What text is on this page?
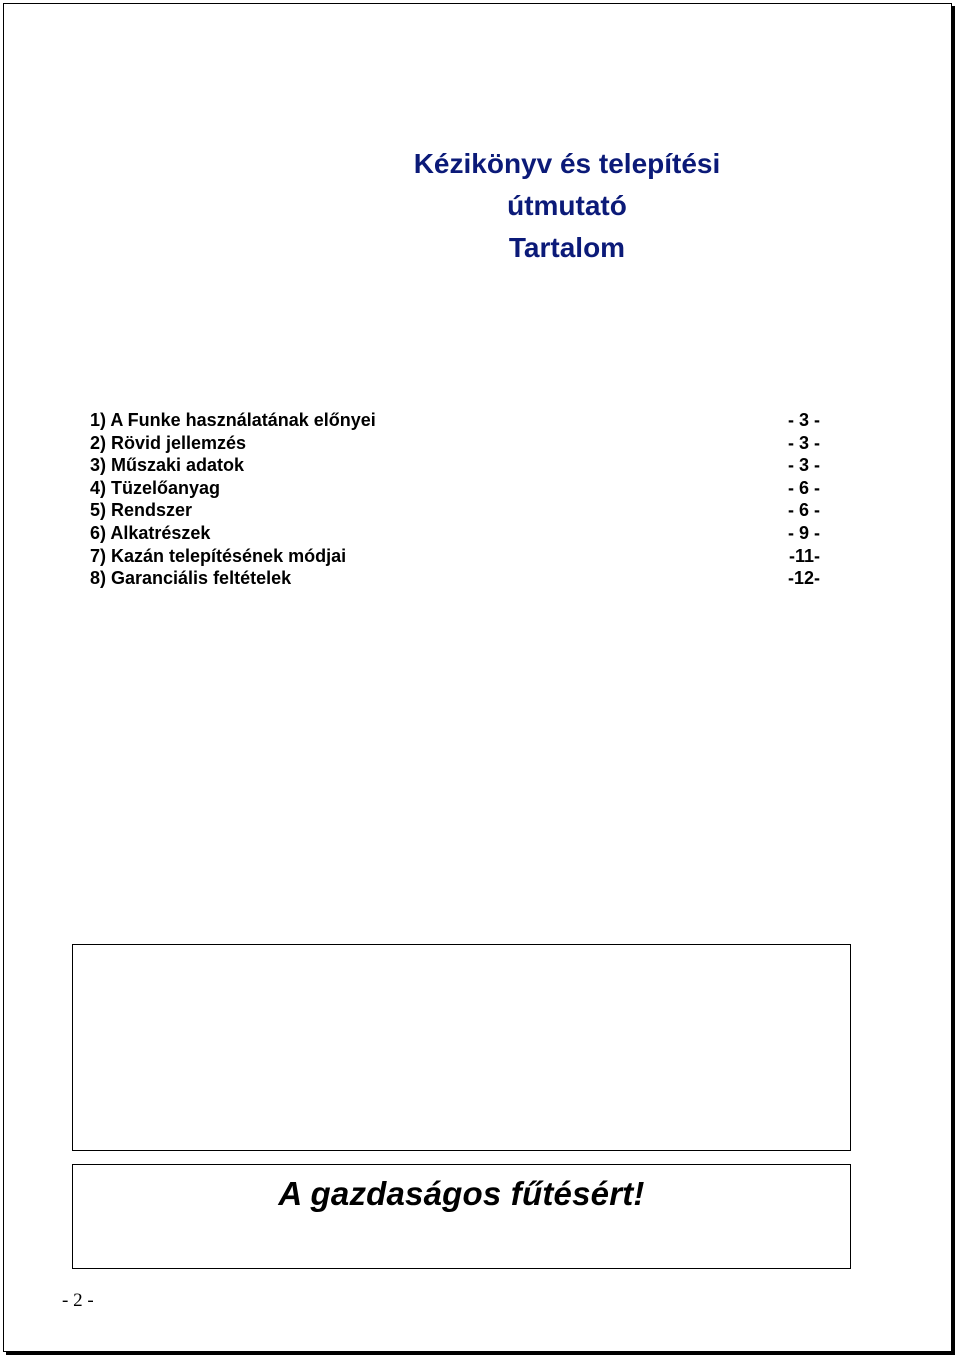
Kézikönyv és telepítési
útmutató
Tartalom
1) A Funke használatának előnyei	- 3 -
2) Rövid jellemzés	- 3 -
3) Műszaki adatok	- 3 -
4) Tüzelőanyag	- 6 -
5) Rendszer	- 6 -
6) Alkatrészek	- 9 -
7) Kazán telepítésének módjai	-11-
8) Garanciális feltételek	-12-
A gazdaságos fűtésért!
- 2 -
